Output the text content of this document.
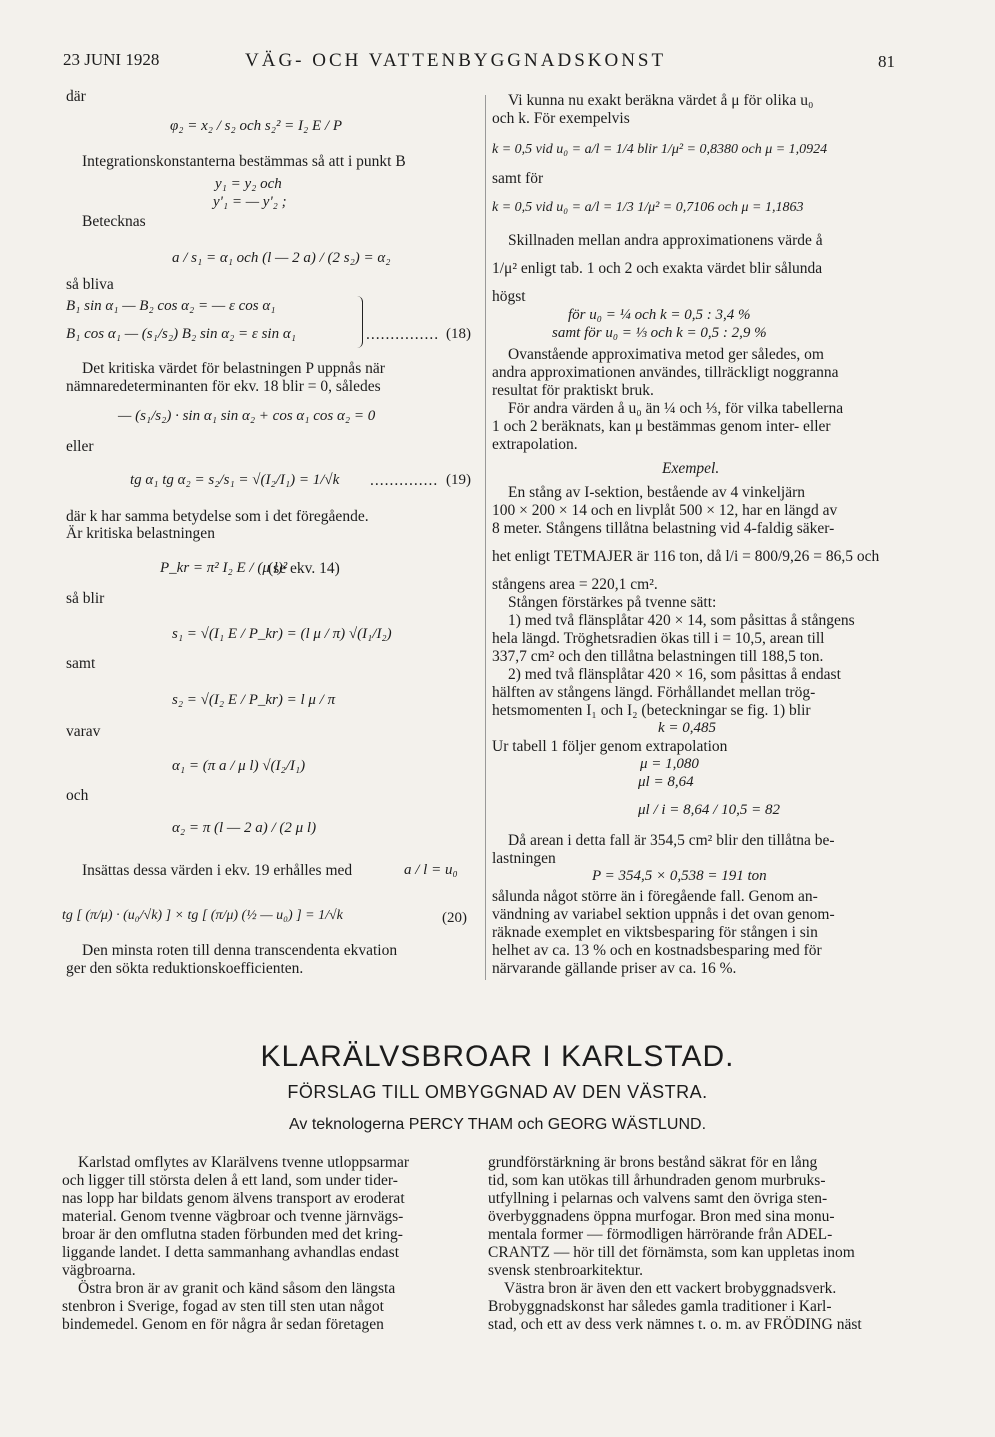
23 JUNI 1928	VÄG- OCH VATTENBYGGNADSKONST	81
där
φ₂ = x₂ / s₂ och s₂² = I₂ E / P
Integrationskonstanterna bestämmas så att i punkt B
y₁ = y₂ och
y'₁ = — y'₂ ;
Betecknas
a / s₁ = α₁ och (l — 2 a) / (2 s₂) = α₂
så bliva
B₁ sin α₁ — B₂ cos α₂ = — ε cos α₁
B₁ cos α₁ — (s₁/s₂) B₂ sin α₂ = ε sin α₁	............... (18)
Det kritiska värdet för belastningen P uppnås när
nämnaredeterminanten för ekv. 18 blir = 0, således
— (s₁/s₂) · sin α₁ sin α₂ + cos α₁ cos α₂ = 0
eller
tg α₁ tg α₂ = s₂/s₁ = √(I₂/I₁) = 1/√k .............. (19)
där k har samma betydelse som i det föregående.
Är kritiska belastningen
P_kr = π² I₂ E / (μ l)²
(se ekv. 14)
så blir
s₁ = √(I₁ E / P_kr) = (l μ / π) √(I₁/I₂)
samt
s₂ = √(I₂ E / P_kr) = l μ / π
varav
α₁ = (π a / μ l) √(I₂/I₁)
och
α₂ = π (l — 2 a) / (2 μ l)
Insättas dessa värden i ekv. 19 erhålles med	a / l = u₀
tg [ (π/μ) · (u₀/√k) ] × tg [ (π/μ) (½ — u₀) ] = 1/√k	(20)
Den minsta roten till denna transcendenta ekvation
ger den sökta reduktionskoefficienten.
Vi kunna nu exakt beräkna värdet å μ för olika u₀
och k. För exempelvis
k = 0,5 vid u₀ = a/l = 1/4 blir 1/μ² = 0,8380 och μ = 1,0924
samt för
k = 0,5 vid u₀ = a/l = 1/3 1/μ² = 0,7106 och μ = 1,1863
Skillnaden mellan andra approximationens värde å
1/μ² enligt tab. 1 och 2 och exakta värdet blir sålunda
högst
för u₀ = ¼ och k = 0,5 : 3,4 %
samt för u₀ = ⅓ och k = 0,5 : 2,9 %
Ovanstående approximativa metod ger således, om
andra approximationen användes, tillräckligt noggranna
resultat för praktiskt bruk.
För andra värden å u₀ än ¼ och ⅓, för vilka tabellerna
1 och 2 beräknats, kan μ bestämmas genom inter- eller
extrapolation.
Exempel.
En stång av I-sektion, bestående av 4 vinkeljärn
100 × 200 × 14 och en livplåt 500 × 12, har en längd av
8 meter. Stångens tillåtna belastning vid 4-faldig säker-
het enligt TETMAJER är 116 ton, då l/i = 800/9,26 = 86,5 och
stångens area = 220,1 cm².
Stången förstärkes på tvenne sätt:
1) med två flänsplåtar 420 × 14, som påsittas å stångens
hela längd. Tröghetsradien ökas till i = 10,5, arean till
337,7 cm² och den tillåtna belastningen till 188,5 ton.
2) med två flänsplåtar 420 × 16, som påsittas å endast
hälften av stångens längd. Förhållandet mellan trög-
hetsmomenten I₁ och I₂ (beteckningar se fig. 1) blir
k = 0,485
Ur tabell 1 följer genom extrapolation
μ = 1,080
μl = 8,64
μl / i = 8,64 / 10,5 = 82
Då arean i detta fall är 354,5 cm² blir den tillåtna be-
lastningen
P = 354,5 × 0,538 = 191 ton
sålunda något större än i föregående fall. Genom an-
vändning av variabel sektion uppnås i det ovan genom-
räknade exemplet en viktsbesparing för stången i sin
helhet av ca. 13 % och en kostnadsbesparing med för
närvarande gällande priser av ca. 16 %.
KLARÄLVSBROAR I KARLSTAD.
FÖRSLAG TILL OMBYGGNAD AV DEN VÄSTRA.
Av teknologerna PERCY THAM och GEORG WÄSTLUND.
Karlstad omflytes av Klarälvens tvenne utloppsarmar
och ligger till största delen å ett land, som under tider-
nas lopp har bildats genom älvens transport av eroderat
material. Genom tvenne vägbroar och tvenne järnvägs-
broar är den omflutna staden förbunden med det kring-
liggande landet. I detta sammanhang avhandlas endast
vägbroarna.
Östra bron är av granit och känd såsom den längsta
stenbron i Sverige, fogad av sten till sten utan något
bindemedel. Genom en för några år sedan företagen
grundförstärkning är brons bestånd säkrat för en lång
tid, som kan utökas till århundraden genom murbruks-
utfyllning i pelarnas och valvens samt den övriga sten-
överbyggnadens öppna murfogar. Bron med sina monu-
mentala former — förmodligen härrörande från ADEL-
CRANTZ — hör till det förnämsta, som kan uppletas inom
svensk stenbroarkitektur.
Västra bron är även den ett vackert brobyggnadsverk.
Brobyggnadskonst har således gamla traditioner i Karl-
stad, och ett av dess verk nämnes t. o. m. av FRÖDING näst
